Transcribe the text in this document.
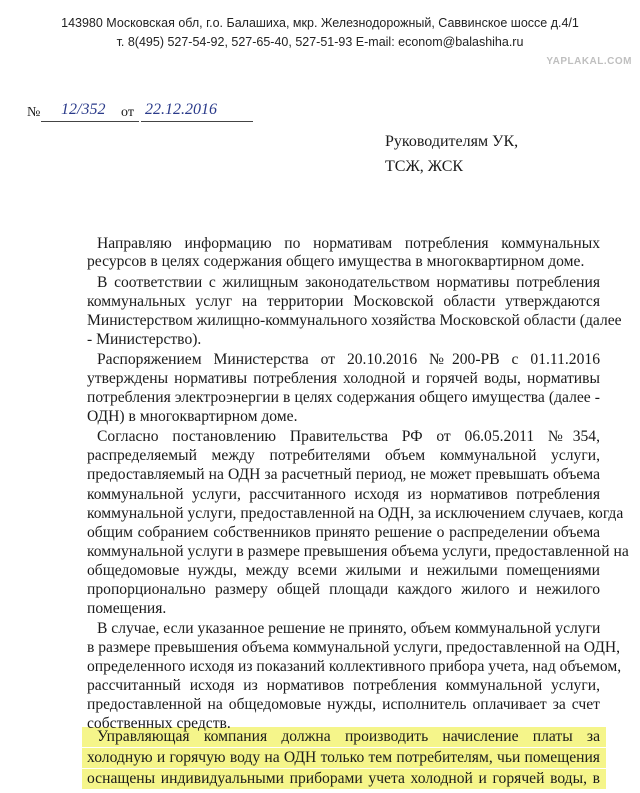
143980 Московская обл, г.о. Балашиха, мкр. Железнодорожный, Саввинское шоссе д.4/1
т. 8(495) 527-54-92, 527-65-40, 527-51-93 E-mail: econom@balashiha.ru
YAPLAKAL.COM
№ 12/352 от 22.12.2016
Руководителям УК,
ТСЖ, ЖСК
Направляю информацию по нормативам потребления коммунальных
ресурсов в целях содержания общего имущества в многоквартирном доме.
В соответствии с жилищным законодательством нормативы потребления
коммунальных услуг на территории Московской области утверждаются
Министерством жилищно-коммунального хозяйства Московской области (далее
- Министерство).
Распоряжением Министерства от 20.10.2016 №200-РВ с 01.11.2016
утверждены нормативы потребления холодной и горячей воды, нормативы
потребления электроэнергии в целях содержания общего имущества (далее -
ОДН) в многоквартирном доме.
Согласно постановлению Правительства РФ от 06.05.2011 №354,
распределяемый между потребителями объем коммунальной услуги,
предоставляемый на ОДН за расчетный период, не может превышать объема
коммунальной услуги, рассчитанного исходя из нормативов потребления
коммунальной услуги, предоставленной на ОДН, за исключением случаев, когда
общим собранием собственников принято решение о распределении объема
коммунальной услуги в размере превышения объема услуги, предоставленной на
общедомовые нужды, между всеми жилыми и нежилыми помещениями
пропорционально размеру общей площади каждого жилого и нежилого
помещения.
В случае, если указанное решение не принято, объем коммунальной услуги
в размере превышения объема коммунальной услуги, предоставленной на ОДН,
определенного исходя из показаний коллективного прибора учета, над объемом,
рассчитанный исходя из нормативов потребления коммунальной услуги,
предоставленной на общедомовые нужды, исполнитель оплачивает за счет
собственных средств.
Управляющая компания должна производить начисление платы за
холодную и горячую воду на ОДН только тем потребителям, чьи помещения
оснащены индивидуальными приборами учета холодной и горячей воды, в
